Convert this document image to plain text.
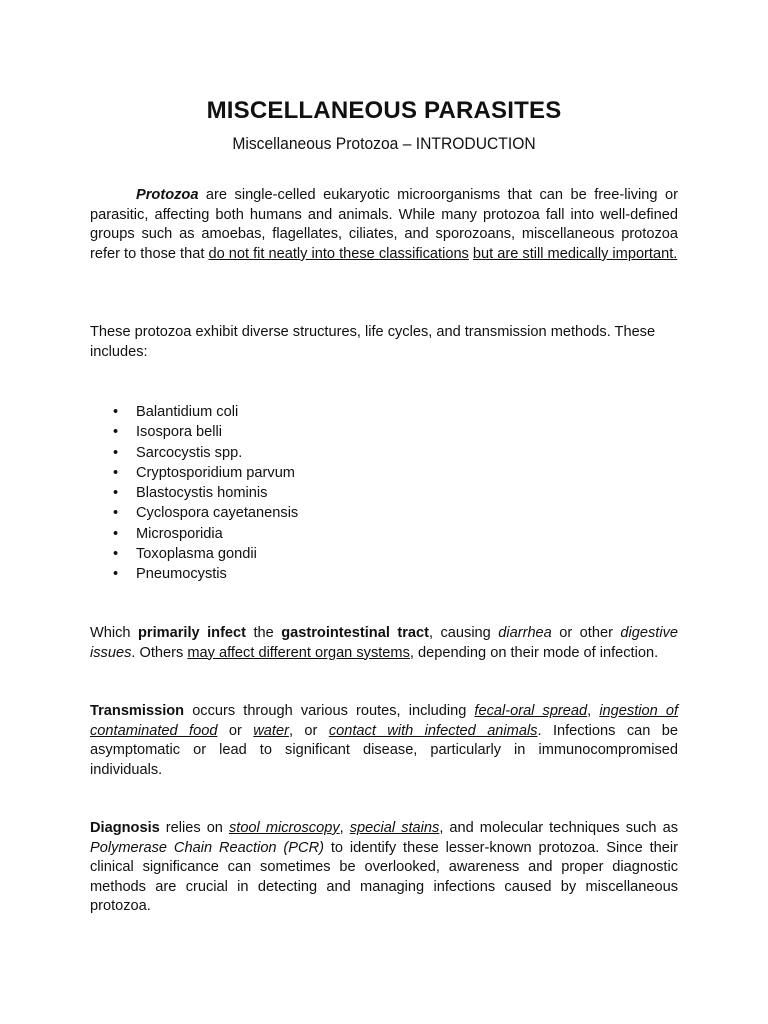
MISCELLANEOUS PARASITES
Miscellaneous Protozoa – INTRODUCTION

Protozoa are single-celled eukaryotic microorganisms that can be free-living or parasitic, affecting both humans and animals. While many protozoa fall into well-defined groups such as amoebas, flagellates, ciliates, and sporozoans, miscellaneous protozoa refer to those that do not fit neatly into these classifications but are still medically important.

These protozoa exhibit diverse structures, life cycles, and transmission methods. These includes:

• Balantidium coli
• Isospora belli
• Sarcocystis spp.
• Cryptosporidium parvum
• Blastocystis hominis
• Cyclospora cayetanensis
• Microsporidia
• Toxoplasma gondii
• Pneumocystis

Which primarily infect the gastrointestinal tract, causing diarrhea or other digestive issues. Others may affect different organ systems, depending on their mode of infection.

Transmission occurs through various routes, including fecal-oral spread, ingestion of contaminated food or water, or contact with infected animals. Infections can be asymptomatic or lead to significant disease, particularly in immunocompromised individuals.

Diagnosis relies on stool microscopy, special stains, and molecular techniques such as Polymerase Chain Reaction (PCR) to identify these lesser-known protozoa. Since their clinical significance can sometimes be overlooked, awareness and proper diagnostic methods are crucial in detecting and managing infections caused by miscellaneous protozoa.
